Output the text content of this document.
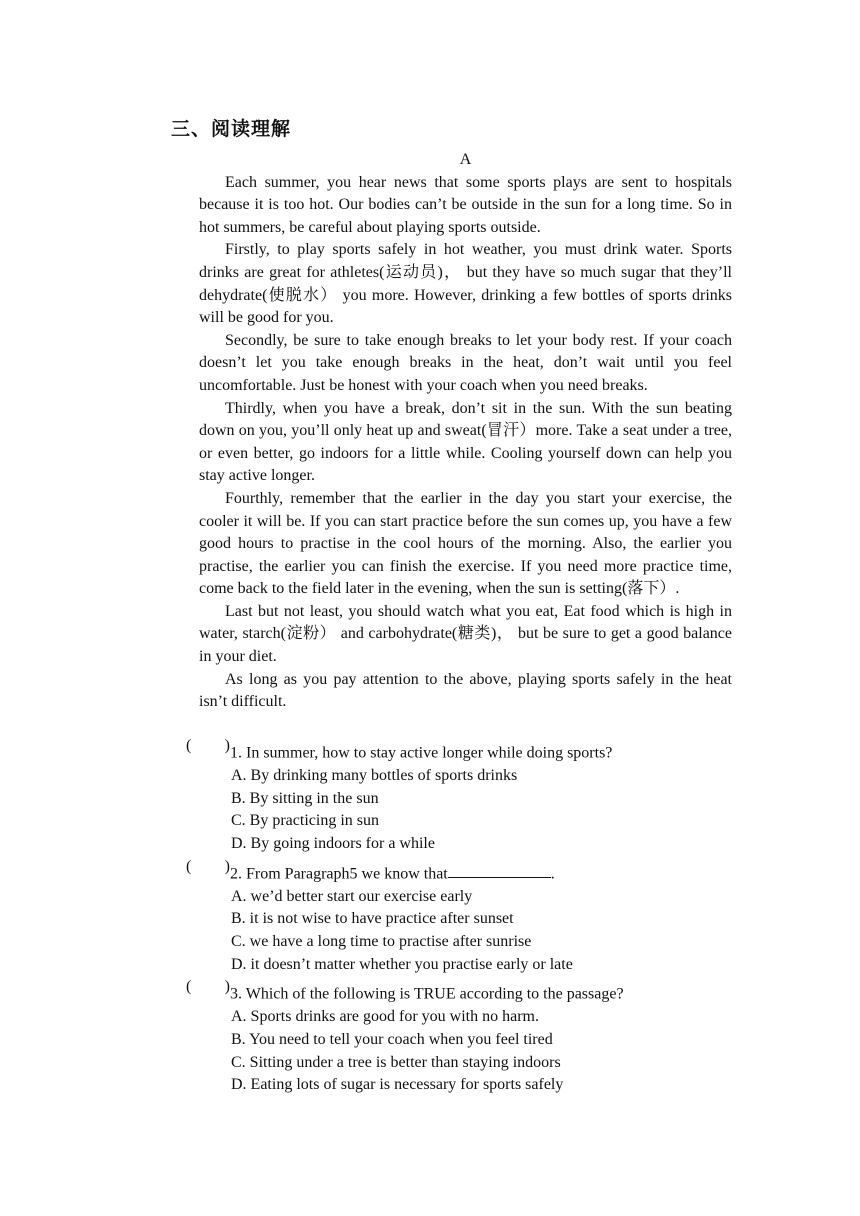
三、阅读理解

A

Each summer, you hear news that some sports plays are sent to hospitals because it is too hot. Our bodies can’t be outside in the sun for a long time. So in hot summers, be careful about playing sports outside.

Firstly, to play sports safely in hot weather, you must drink water. Sports drinks are great for athletes(运动员)， but they have so much sugar that they’ll dehydrate(使脱水） you more. However, drinking a few bottles of sports drinks will be good for you.

Secondly, be sure to take enough breaks to let your body rest. If your coach doesn’t let you take enough breaks in the heat, don’t wait until you feel uncomfortable. Just be honest with your coach when you need breaks.

Thirdly, when you have a break, don’t sit in the sun. With the sun beating down on you, you’ll only heat up and sweat(冒汗）more. Take a seat under a tree, or even better, go indoors for a little while. Cooling yourself down can help you stay active longer.

Fourthly, remember that the earlier in the day you start your exercise, the cooler it will be. If you can start practice before the sun comes up, you have a few good hours to practise in the cool hours of the morning. Also, the earlier you practise, the earlier you can finish the exercise. If you need more practice time, come back to the field later in the evening, when the sun is setting(落下）.

Last but not least, you should watch what you eat, Eat food which is high in water, starch(淀粉） and carbohydrate(糖类)， but be sure to get a good balance in your diet.

As long as you pay attention to the above, playing sports safely in the heat isn’t difficult.

( ) 1. In summer, how to stay active longer while doing sports?

A. By drinking many bottles of sports drinks

B. By sitting in the sun

C. By practicing in sun

D. By going indoors for a while

( ) 2. From Paragraph5 we know that	.

A. we’d better start our exercise early

B. it is not wise to have practice after sunset

C. we have a long time to practise after sunrise

D. it doesn’t matter whether you practise early or late

( ) 3. Which of the following is TRUE according to the passage?

A. Sports drinks are good for you with no harm.

B. You need to tell your coach when you feel tired

C. Sitting under a tree is better than staying indoors

D. Eating lots of sugar is necessary for sports safely
